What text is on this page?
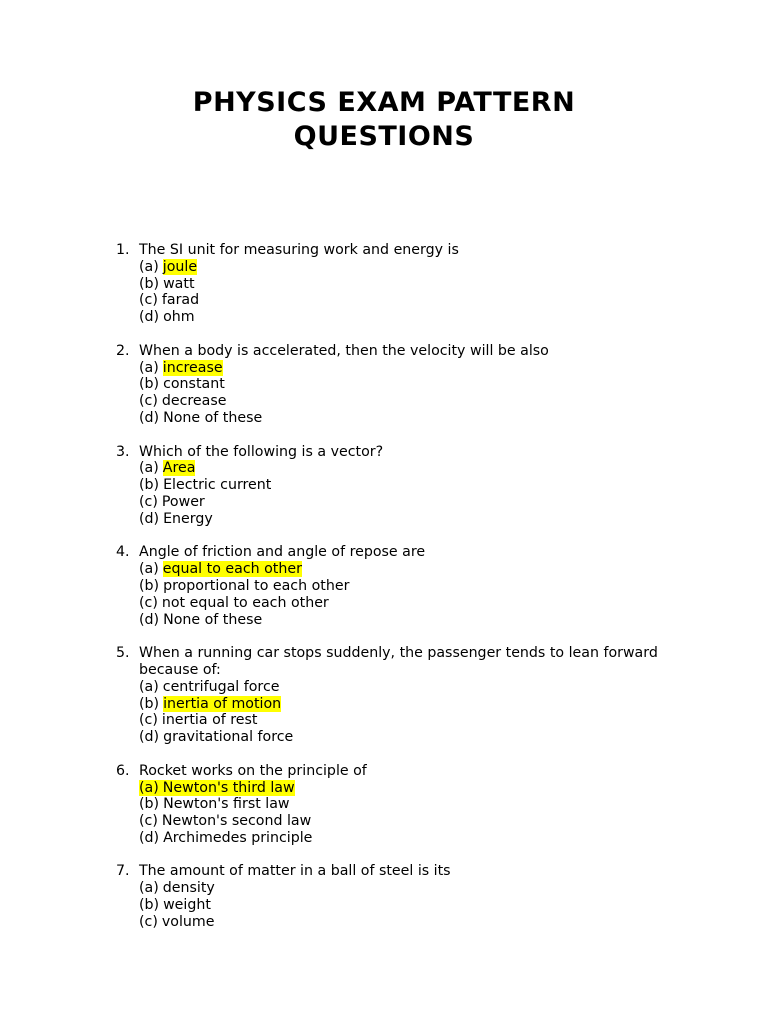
PHYSICS EXAM PATTERN
QUESTIONS
1. The SI unit for measuring work and energy is
(a) joule
(b) watt
(c) farad
(d) ohm
2. When a body is accelerated, then the velocity will be also
(a) increase
(b) constant
(c) decrease
(d) None of these
3. Which of the following is a vector?
(a) Area
(b) Electric current
(c) Power
(d) Energy
4. Angle of friction and angle of repose are
(a) equal to each other
(b) proportional to each other
(c) not equal to each other
(d) None of these
5. When a running car stops suddenly, the passenger tends to lean forward because of:
(a) centrifugal force
(b) inertia of motion
(c) inertia of rest
(d) gravitational force
6. Rocket works on the principle of
(a) Newton's third law
(b) Newton's first law
(c) Newton's second law
(d) Archimedes principle
7. The amount of matter in a ball of steel is its
(a) density
(b) weight
(c) volume
